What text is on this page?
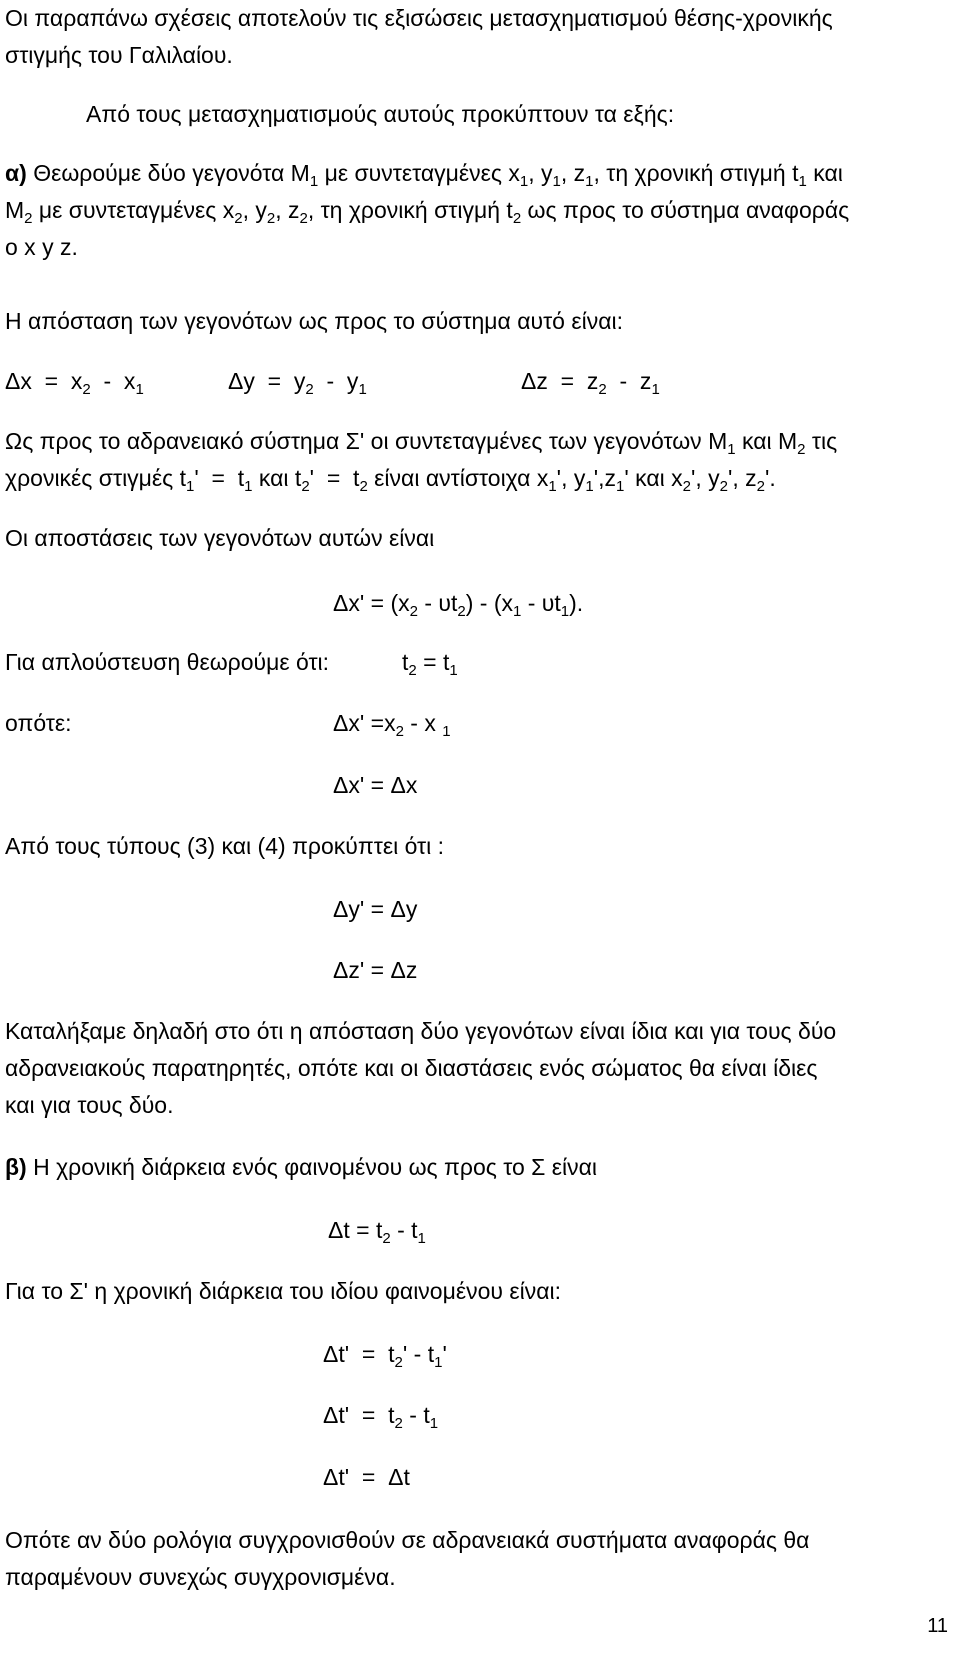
Οι παραπάνω σχέσεις αποτελούν τις εξισώσεις μετασχηματισμού θέσης-χρονικής
στιγμής του Γαλιλαίου.
Από τους μετασχηματισμούς αυτούς προκύπτουν τα εξής:
α) Θεωρούμε δύο γεγονότα $M_1$ με συντεταγμένες $x_1$, $y_1$, $z_1$, τη χρονική στιγμή $t_1$ και
$M_2$ με συντεταγμένες $x_2$, $y_2$, $z_2$, τη χρονική στιγμή $t_2$ ως προς το σύστημα αναφοράς
ο x y z.
Η απόσταση των γεγονότων ως προς το σύστημα αυτό είναι:
$\Delta x = x_2 - x_1$	$\Delta y = y_2 - y_1$	$\Delta z = z_2 - z_1$
Ως προς το αδρανειακό σύστημα Σ' οι συντεταγμένες των γεγονότων $M_1$ και $M_2$ τις
χρονικές στιγμές $t_1' = t_1$ και $t_2' = t_2$ είναι αντίστοιχα $x_1'$, $y_1',z_1'$ και $x_2'$, $y_2'$, $z_2'$.
Οι αποστάσεις των γεγονότων αυτών είναι
$\Delta x' = (x_2 - \upsilon t_2) - (x_1 - \upsilon t_1)$.
Για απλούστευση θεωρούμε ότι:	$t_2 = t_1$
οπότε:	$\Delta x' =x_2 - x$ $_1$
Δx' = Δx
Από τους τύπους (3) και (4) προκύπτει ότι :
Δy' = Δy
Δz' = Δz
Καταλήξαμε δηλαδή στο ότι η απόσταση δύο γεγονότων είναι ίδια και για τους δύο
αδρανειακούς παρατηρητές, οπότε και οι διαστάσεις ενός σώματος θα είναι ίδιες
και για τους δύο.
β) Η χρονική διάρκεια ενός φαινομένου ως προς το Σ είναι
$\Delta t = t_2 - t_1$
Για το Σ' η χρονική διάρκεια του ιδίου φαινομένου είναι:
$\Delta t' = t_2' - t_1'$
$\Delta t' = t_2 - t_1$
Δt'  =  Δt
Οπότε αν δύο ρολόγια συγχρονισθούν σε αδρανειακά συστήματα αναφοράς θα
παραμένουν συνεχώς συγχρονισμένα.
11
